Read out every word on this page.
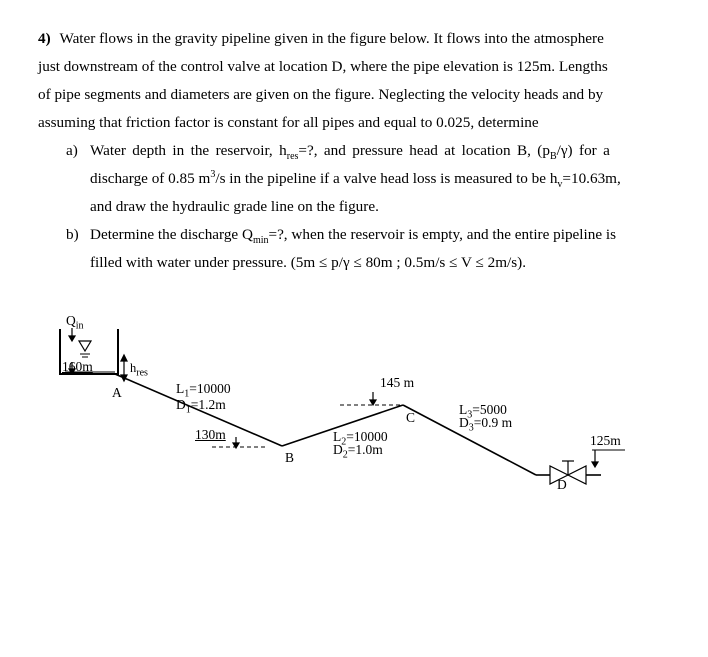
4) Water flows in the gravity pipeline given in the figure below. It flows into the atmosphere
just downstream of the control valve at location D, where the pipe elevation is 125m. Lengths
of pipe segments and diameters are given on the figure. Neglecting the velocity heads and by
assuming that friction factor is constant for all pipes and equal to 0.025, determine
a) Water depth in the reservoir, $h_{res}=$?, and pressure head at location B, $(p_B/\gamma)$ for a
discharge of 0.85 $m^3/s$ in the pipeline if a valve head loss is measured to be $h_v=10.63m$,
and draw the hydraulic grade line on the figure.
b) Determine the discharge $Q_{min}=$?, when the reservoir is empty, and the entire pipeline is
filled with water under pressure. (5m ≤ p/γ ≤ 80m ; 0.5m/s ≤ V ≤ 2m/s).
$Q_{in}$
160m	$h_{res}$
A	$L_1=10000$
$D_1=1.2m$
130m
B
145 m
C
$L_2=10000$
$D_2=1.0m$
$L_3=5000$
$D_3=0.9$ m
125m
D
